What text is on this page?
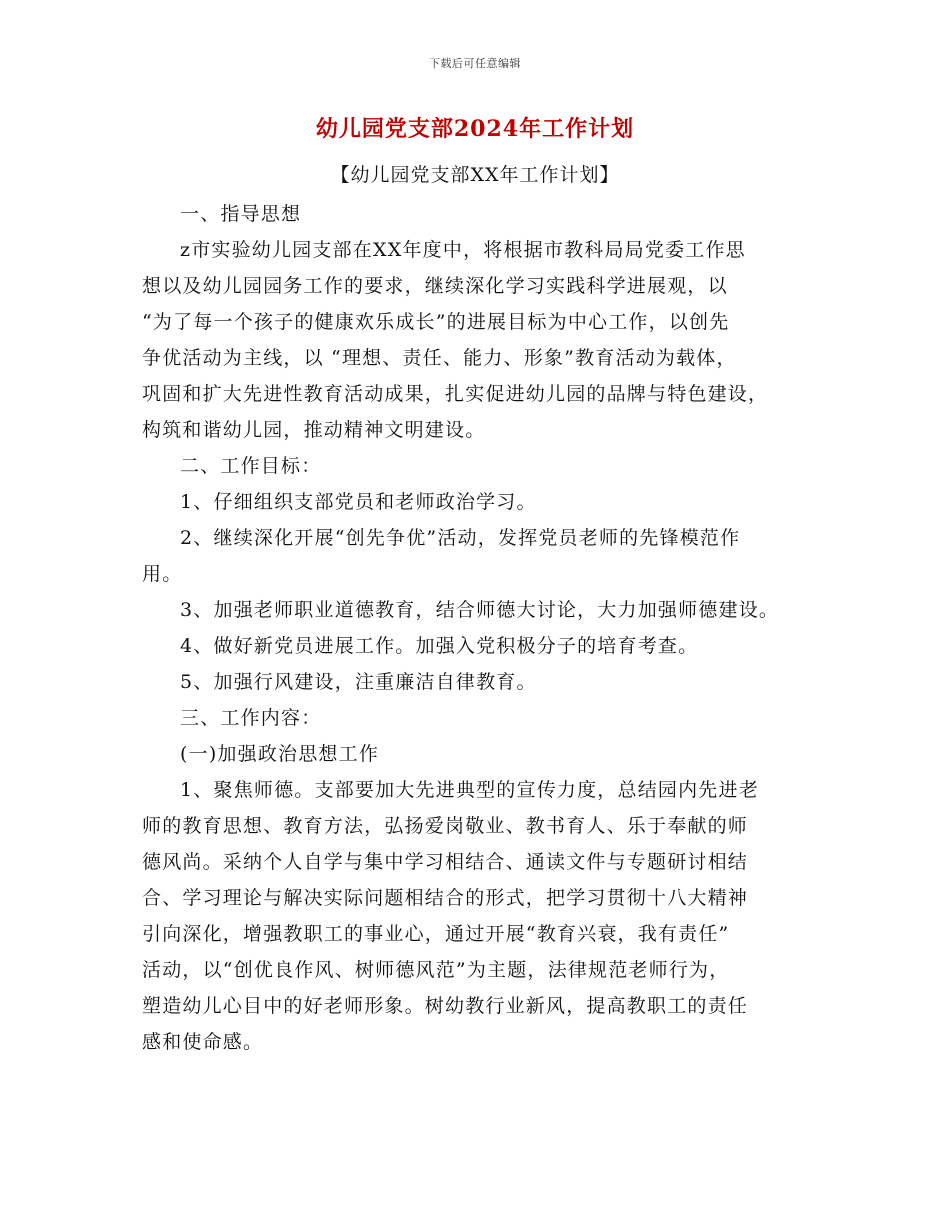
下载后可任意编辑
幼儿园党支部2024年工作计划
【幼儿园党支部XX年工作计划】
一、指导思想
z市实验幼儿园支部在XX年度中，将根据市教科局局党委工作思
想以及幼儿园园务工作的要求，继续深化学习实践科学进展观，以
“为了每一个孩子的健康欢乐成长”的进展目标为中心工作，以创先
争优活动为主线，以 “理想、责任、能力、形象”教育活动为载体，
巩固和扩大先进性教育活动成果，扎实促进幼儿园的品牌与特色建设，
构筑和谐幼儿园，推动精神文明建设。
二、工作目标：
1、仔细组织支部党员和老师政治学习。
2、继续深化开展“创先争优”活动，发挥党员老师的先锋模范作
用。
3、加强老师职业道德教育，结合师德大讨论，大力加强师德建设。
4、做好新党员进展工作。加强入党积极分子的培育考查。
5、加强行风建设，注重廉洁自律教育。
三、工作内容：
(一)加强政治思想工作
1、聚焦师德。支部要加大先进典型的宣传力度，总结园内先进老
师的教育思想、教育方法，弘扬爱岗敬业、教书育人、乐于奉献的师
德风尚。采纳个人自学与集中学习相结合、通读文件与专题研讨相结
合、学习理论与解决实际问题相结合的形式，把学习贯彻十八大精神
引向深化，增强教职工的事业心，通过开展“教育兴衰，我有责任”
活动，以“创优良作风、树师德风范”为主题，法律规范老师行为，
塑造幼儿心目中的好老师形象。树幼教行业新风，提高教职工的责任
感和使命感。
